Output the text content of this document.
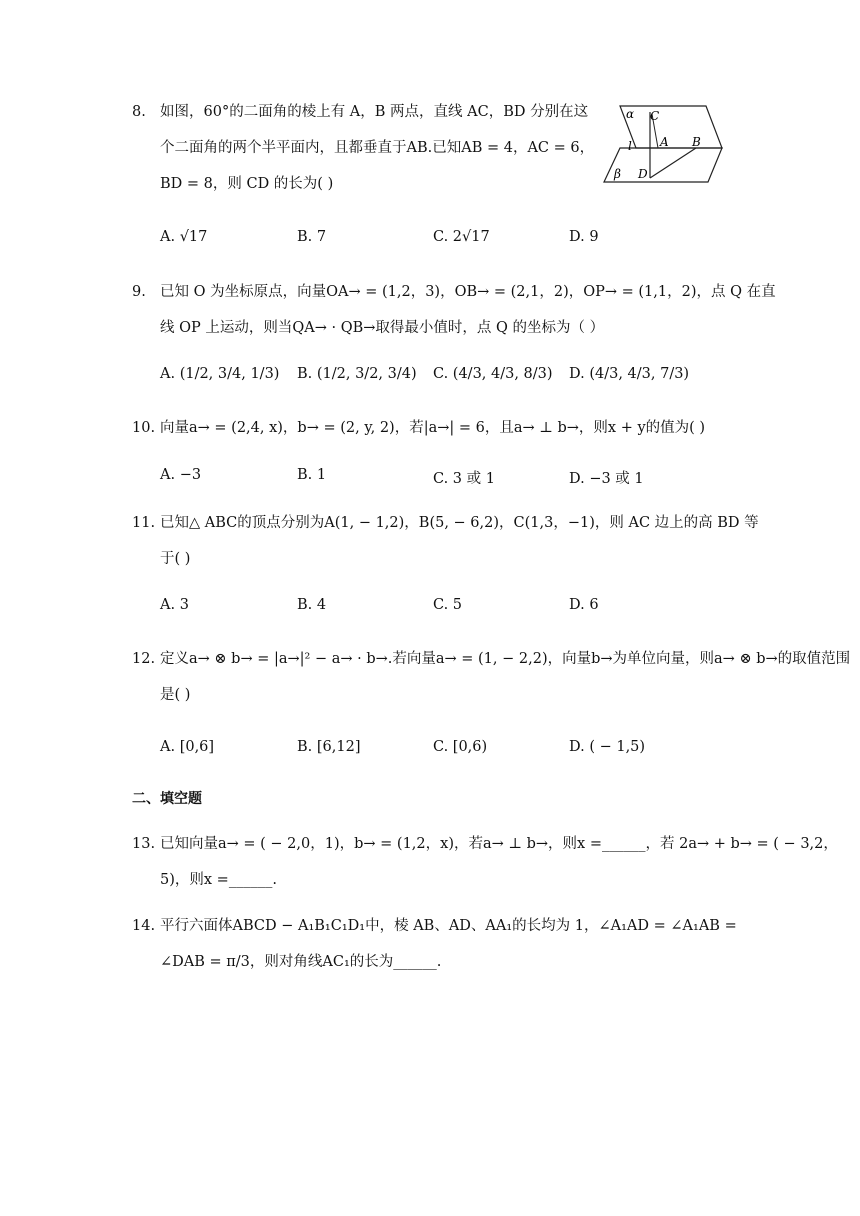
8. 如图，60°的二面角的棱上有 A，B 两点，直线 AC，BD 分别在这
个二面角的两个半平面内，且都垂直于AB.已知AB = 4，AC = 6，
BD = 8，则 CD 的长为( )
α C
A B
l
β D
A. √17	B. 7	C. 2√17	D. 9
9. 已知 O 为坐标原点，向量OA→ = (1,2，3)，OB→ = (2,1，2)，OP→ = (1,1，2)，点 Q 在直
线 OP 上运动，则当QA→ · QB→取得最小值时，点 Q 的坐标为（ ）
A. (1/2, 3/4, 1/3) B. (1/2, 3/2, 3/4) C. (4/3, 4/3, 8/3) D. (4/3, 4/3, 7/3)
10. 向量a→ = (2,4, x)，b→ = (2, y, 2)，若|a→| = 6，且a→ ⊥ b→，则x + y的值为( )
A. −3	B. 1	C. 3 或 1	D. −3 或 1
11. 已知△ ABC的顶点分别为A(1, − 1,2)，B(5, − 6,2)，C(1,3，−1)，则 AC 边上的高 BD 等
于( )
A. 3	B. 4	C. 5	D. 6
12. 定义a→ ⊗ b→ = |a→|² − a→ · b→.若向量a→ = (1, − 2,2)，向量b→为单位向量，则a→ ⊗ b→的取值范围
是( )
A. [0,6]	B. [6,12]	C. [0,6)	D. ( − 1,5)
二、填空题
13. 已知向量a→ = ( − 2,0，1)，b→ = (1,2，x)，若a→ ⊥ b→，则x =______，若 2a→ + b→ = ( − 3,2，
5)，则x =______.
14. 平行六面体ABCD − A₁B₁C₁D₁中，棱 AB、AD、AA₁的长均为 1，∠A₁AD = ∠A₁AB =
∠DAB = π/3，则对角线AC₁的长为______.
